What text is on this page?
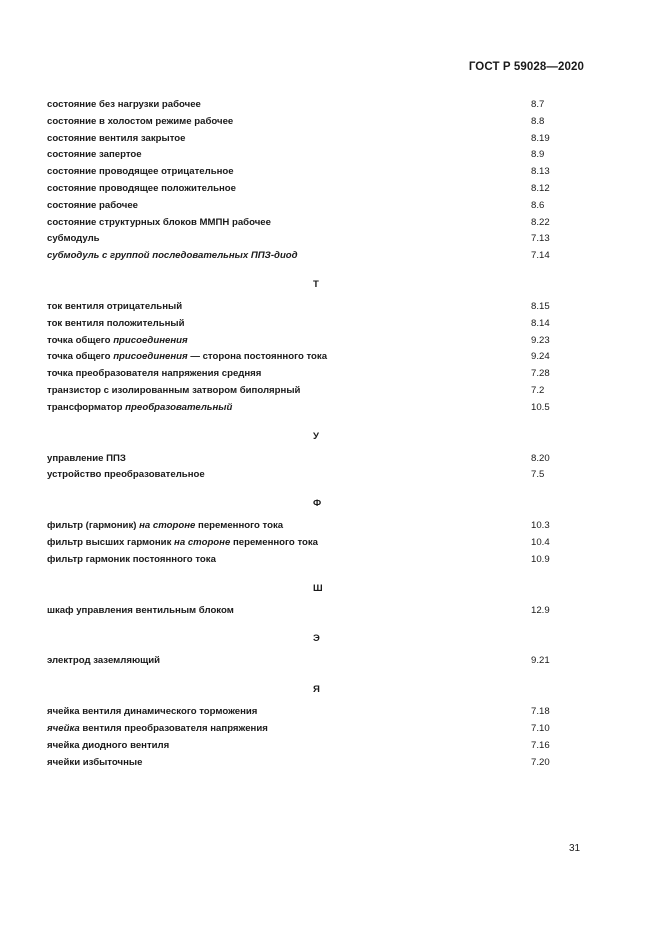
ГОСТ Р 59028—2020
состояние без нагрузки рабочее	8.7
состояние в холостом режиме рабочее	8.8
состояние вентиля закрытое	8.19
состояние запертое	8.9
состояние проводящее отрицательное	8.13
состояние проводящее положительное	8.12
состояние рабочее	8.6
состояние структурных блоков ММПН рабочее	8.22
субмодуль	7.13
субмодуль с группой последовательных ППЗ-диод	7.14
Т
ток вентиля отрицательный	8.15
ток вентиля положительный	8.14
точка общего присоединения	9.23
точка общего присоединения — сторона постоянного тока	9.24
точка преобразователя напряжения средняя	7.28
транзистор с изолированным затвором биполярный	7.2
трансформатор преобразовательный	10.5
У
управление ППЗ	8.20
устройство преобразовательное	7.5
Ф
фильтр (гармоник) на стороне переменного тока	10.3
фильтр высших гармоник на стороне переменного тока	10.4
фильтр гармоник постоянного тока	10.9
Ш
шкаф управления вентильным блоком	12.9
Э
электрод заземляющий	9.21
Я
ячейка вентиля динамического торможения	7.18
ячейка вентиля преобразователя напряжения	7.10
ячейка диодного вентиля	7.16
ячейки избыточные	7.20
31
